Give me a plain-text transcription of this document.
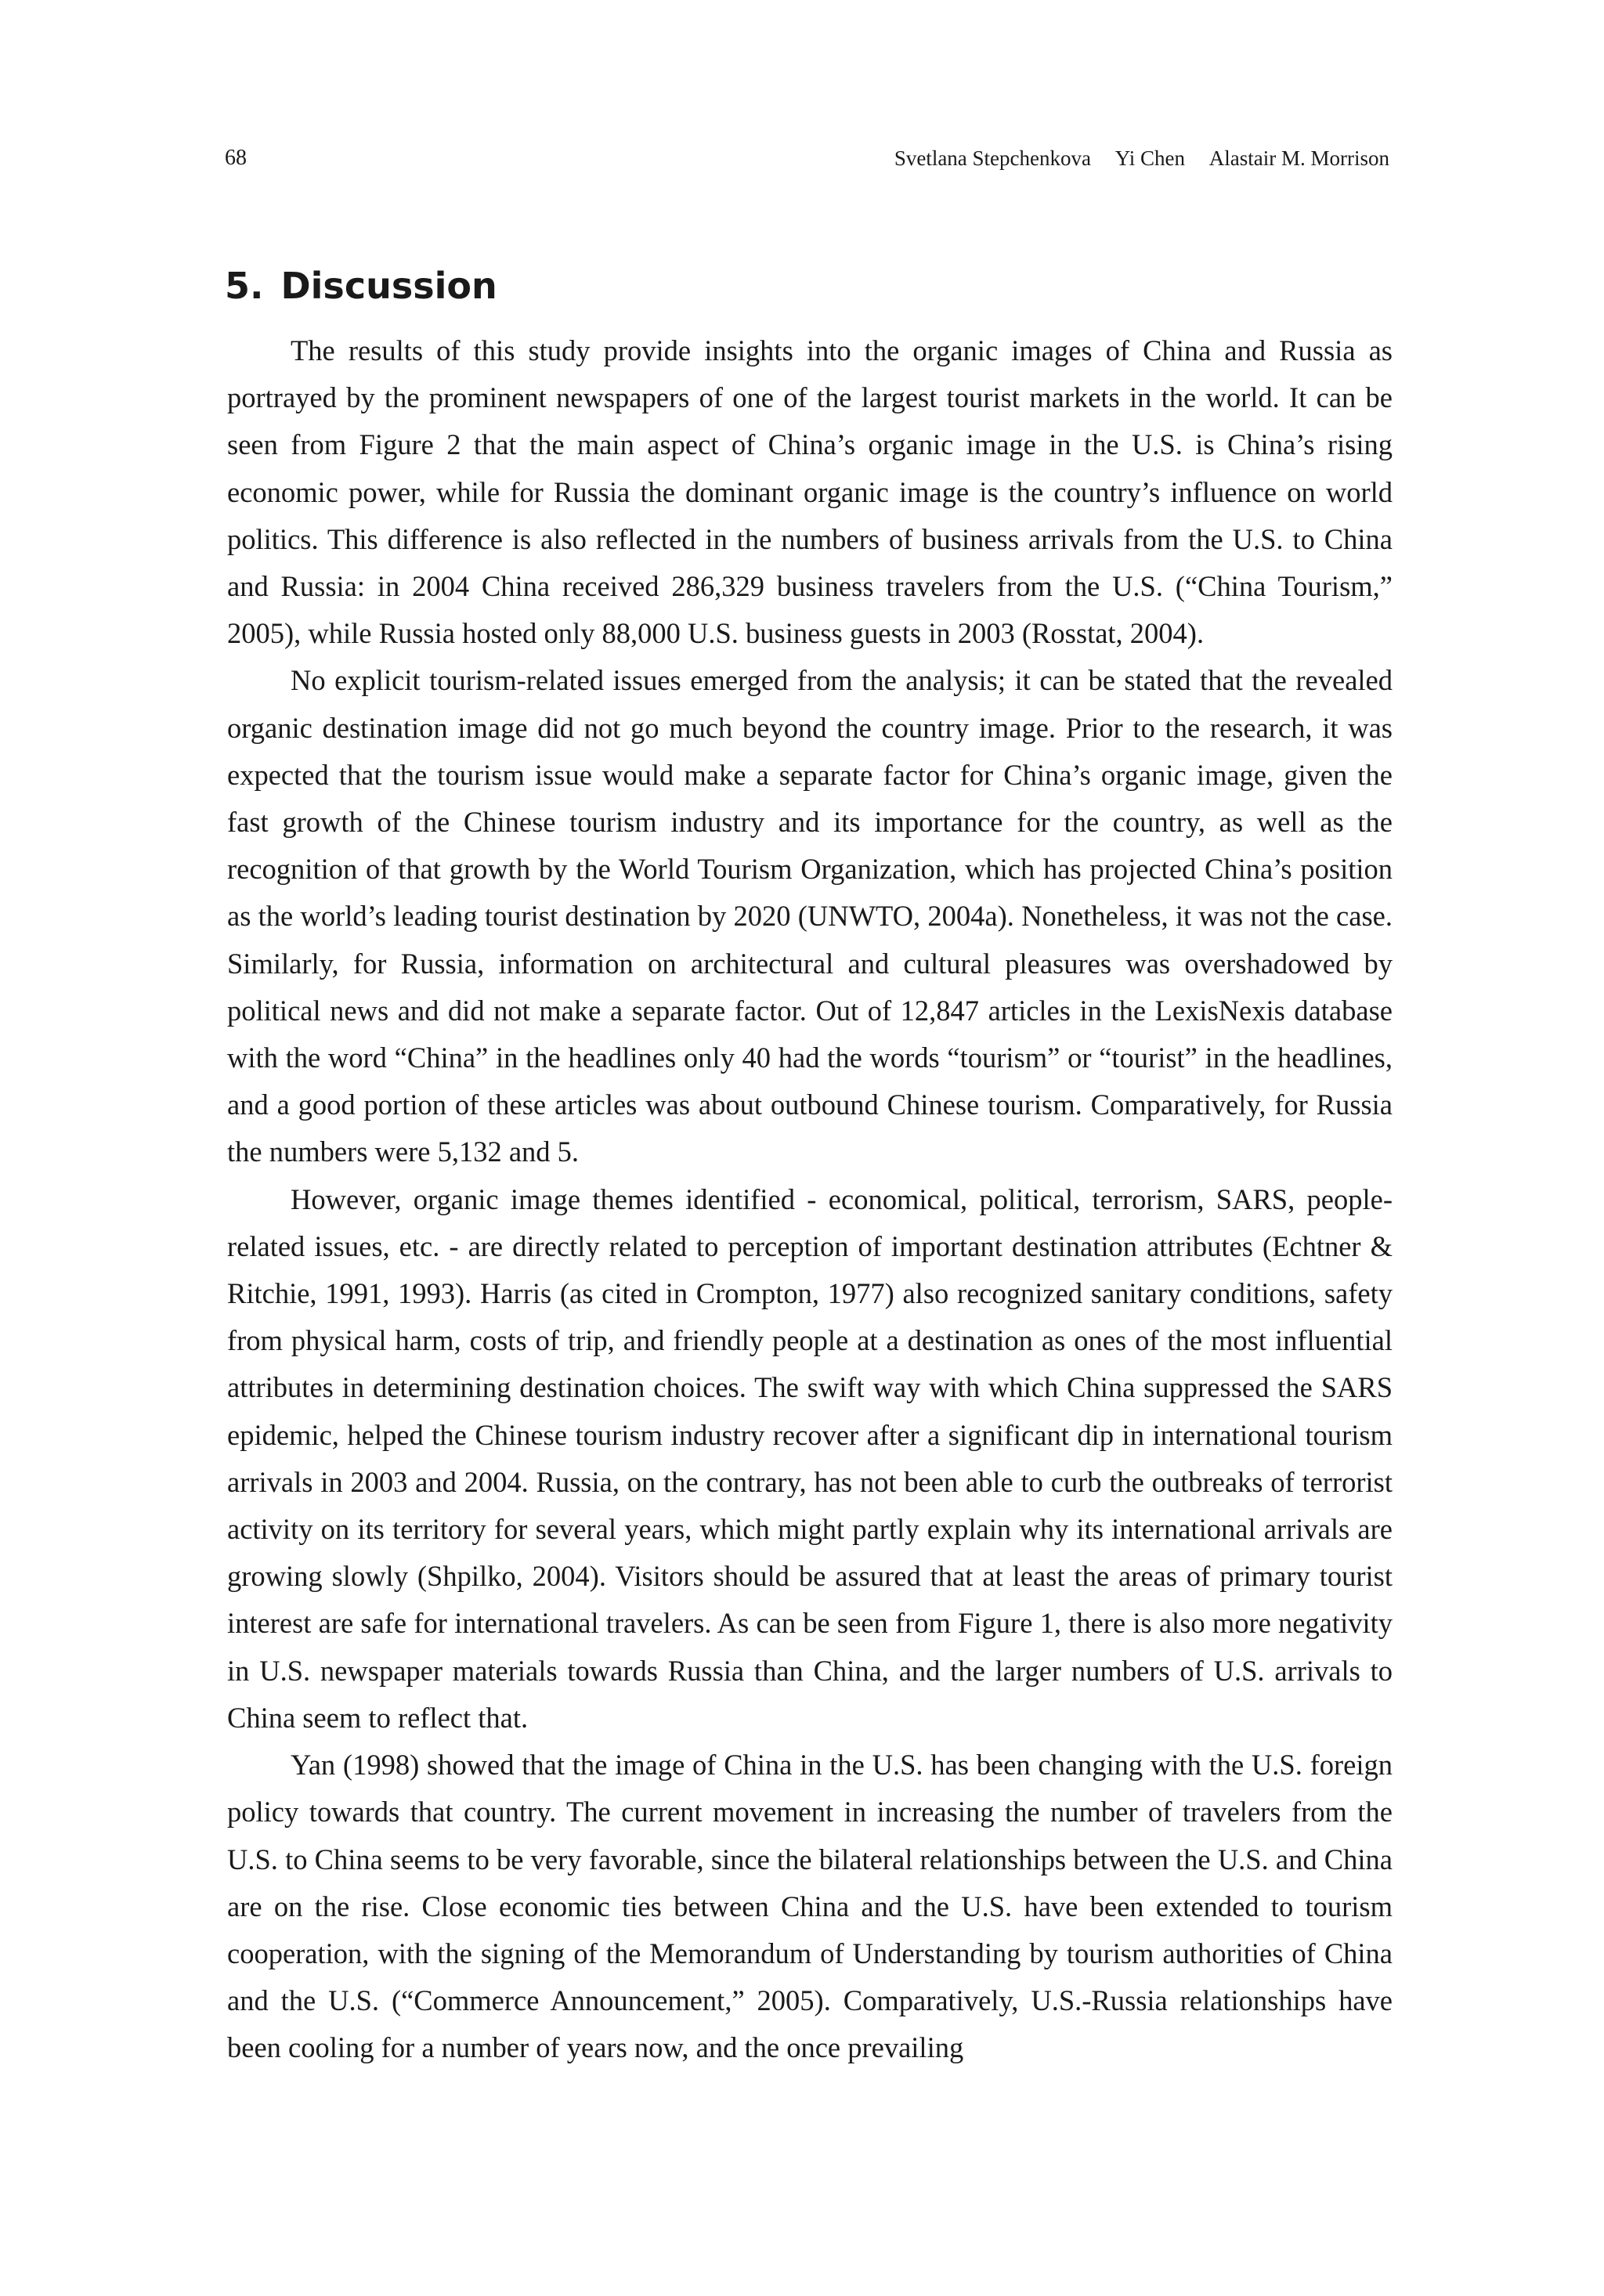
68	Svetlana Stepchenkova Yi Chen Alastair M. Morrison
5. Discussion

The results of this study provide insights into the organic images of China and Russia as portrayed by the prominent newspapers of one of the largest tourist markets in the world. It can be seen from Figure 2 that the main aspect of China’s organic image in the U.S. is China’s rising economic power, while for Russia the dominant organic image is the country’s influence on world politics. This difference is also reflected in the numbers of business arrivals from the U.S. to China and Russia: in 2004 China received 286,329 business travelers from the U.S. (“China Tourism,” 2005), while Russia hosted only 88,000 U.S. business guests in 2003 (Rosstat, 2004).

No explicit tourism-related issues emerged from the analysis; it can be stated that the revealed organic destination image did not go much beyond the country image. Prior to the research, it was expected that the tourism issue would make a separate factor for China’s organic image, given the fast growth of the Chinese tourism industry and its importance for the country, as well as the recognition of that growth by the World Tourism Organization, which has projected China’s position as the world’s leading tourist destination by 2020 (UNWTO, 2004a). Nonetheless, it was not the case. Similarly, for Russia, information on architectural and cultural pleasures was overshadowed by political news and did not make a separate factor. Out of 12,847 articles in the LexisNexis database with the word “China” in the headlines only 40 had the words “tourism” or “tourist” in the headlines, and a good portion of these articles was about outbound Chinese tourism. Comparatively, for Russia the numbers were 5,132 and 5.

However, organic image themes identified - economical, political, terrorism, SARS, people-related issues, etc. - are directly related to perception of important destination attributes (Echtner & Ritchie, 1991, 1993). Harris (as cited in Crompton, 1977) also recognized sanitary conditions, safety from physical harm, costs of trip, and friendly people at a destination as ones of the most influential attributes in determining destination choices. The swift way with which China suppressed the SARS epidemic, helped the Chinese tourism industry recover after a significant dip in international tourism arrivals in 2003 and 2004. Russia, on the contrary, has not been able to curb the outbreaks of terrorist activity on its territory for several years, which might partly explain why its international arrivals are growing slowly (Shpilko, 2004). Visitors should be assured that at least the areas of primary tourist interest are safe for international travelers. As can be seen from Figure 1, there is also more negativity in U.S. newspaper materials towards Russia than China, and the larger numbers of U.S. arrivals to China seem to reflect that.

Yan (1998) showed that the image of China in the U.S. has been changing with the U.S. foreign policy towards that country. The current movement in increasing the number of travelers from the U.S. to China seems to be very favorable, since the bilateral relationships between the U.S. and China are on the rise. Close economic ties between China and the U.S. have been extended to tourism cooperation, with the signing of the Memorandum of Understanding by tourism authorities of China and the U.S. (“Commerce Announcement,” 2005). Comparatively, U.S.-Russia relationships have been cooling for a number of years now, and the once prevailing
